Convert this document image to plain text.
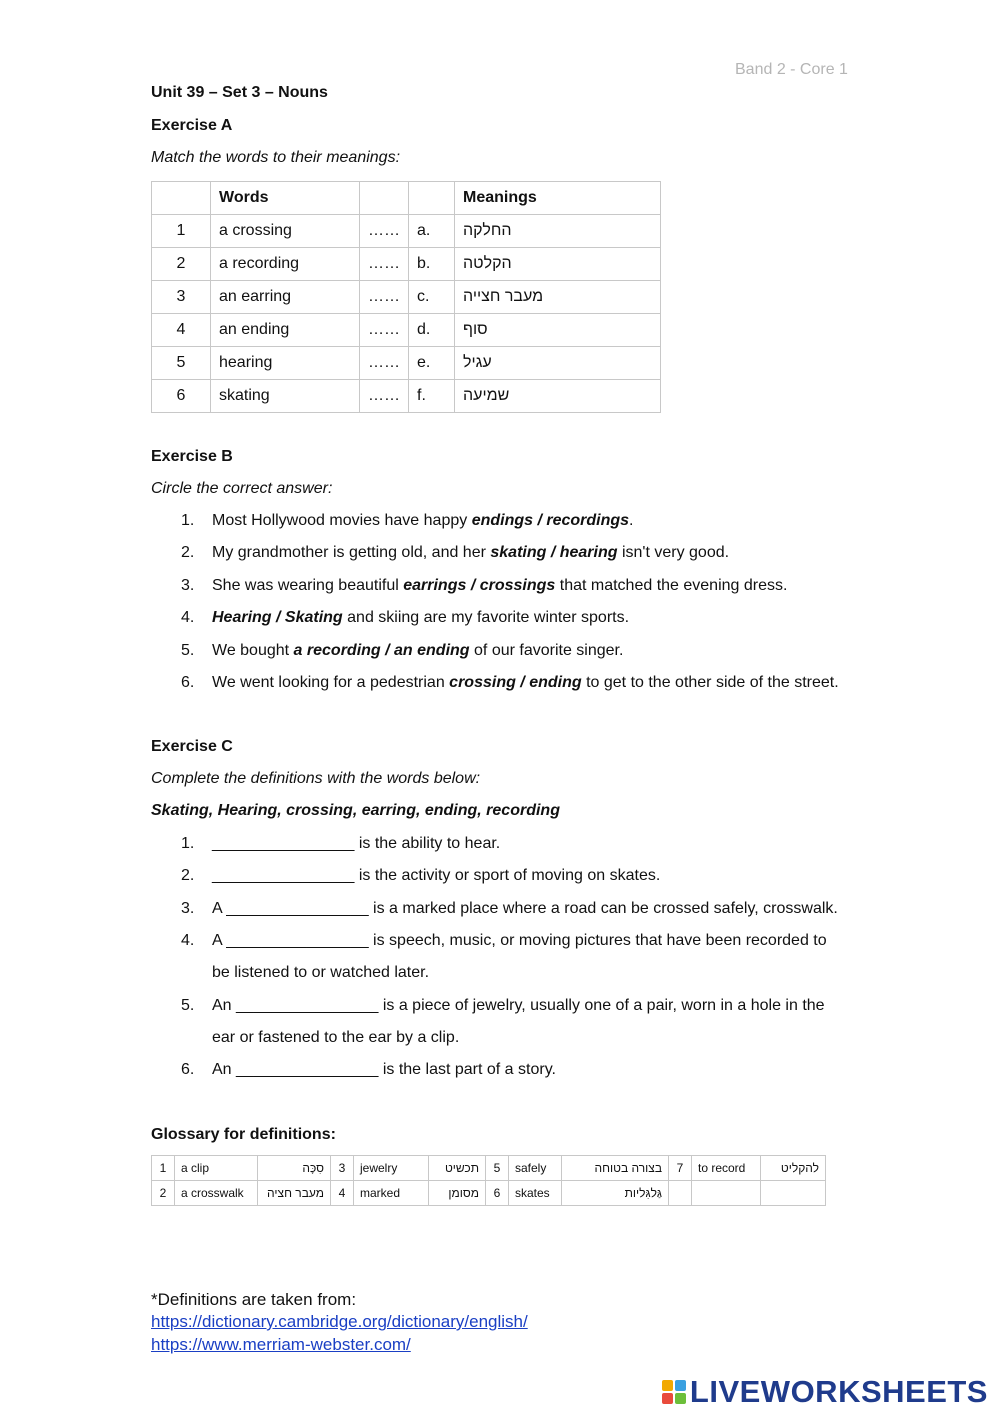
Band 2 - Core 1
Unit 39 – Set 3 – Nouns
Exercise A
Match the words to their meanings:
	Words			Meanings
1	a crossing	……	a.	החלקה
2	a recording	……	b.	הקלטה
3	an earring	……	c.	מעבר חצייה
4	an ending	……	d.	סוף
5	hearing	……	e.	עגיל
6	skating	……	f.	שמיעה
Exercise B
Circle the correct answer:
1. Most Hollywood movies have happy endings / recordings.
2. My grandmother is getting old, and her skating / hearing isn't very good.
3. She was wearing beautiful earrings / crossings that matched the evening dress.
4. Hearing / Skating and skiing are my favorite winter sports.
5. We bought a recording / an ending of our favorite singer.
6. We went looking for a pedestrian crossing / ending to get to the other side of the street.
Exercise C
Complete the definitions with the words below:
Skating, Hearing, crossing, earring, ending, recording
1. ________________ is the ability to hear.
2. ________________ is the activity or sport of moving on skates.
3. A ________________ is a marked place where a road can be crossed safely, crosswalk.
4. A ________________ is speech, music, or moving pictures that have been recorded to
be listened to or watched later.
5. An ________________ is a piece of jewelry, usually one of a pair, worn in a hole in the
ear or fastened to the ear by a clip.
6. An ________________ is the last part of a story.
Glossary for definitions:
1	a clip	סִכָּה	3	jewelry	תכשיט	5	safely	בצורה בטוחה	7	to record	להקליט
2	a crosswalk	מעבר חציה	4	marked	מסומן	6	skates	גַּלגִּליות			
*Definitions are taken from:
https://dictionary.cambridge.org/dictionary/english/
https://www.merriam-webster.com/
LIVEWORKSHEETS
